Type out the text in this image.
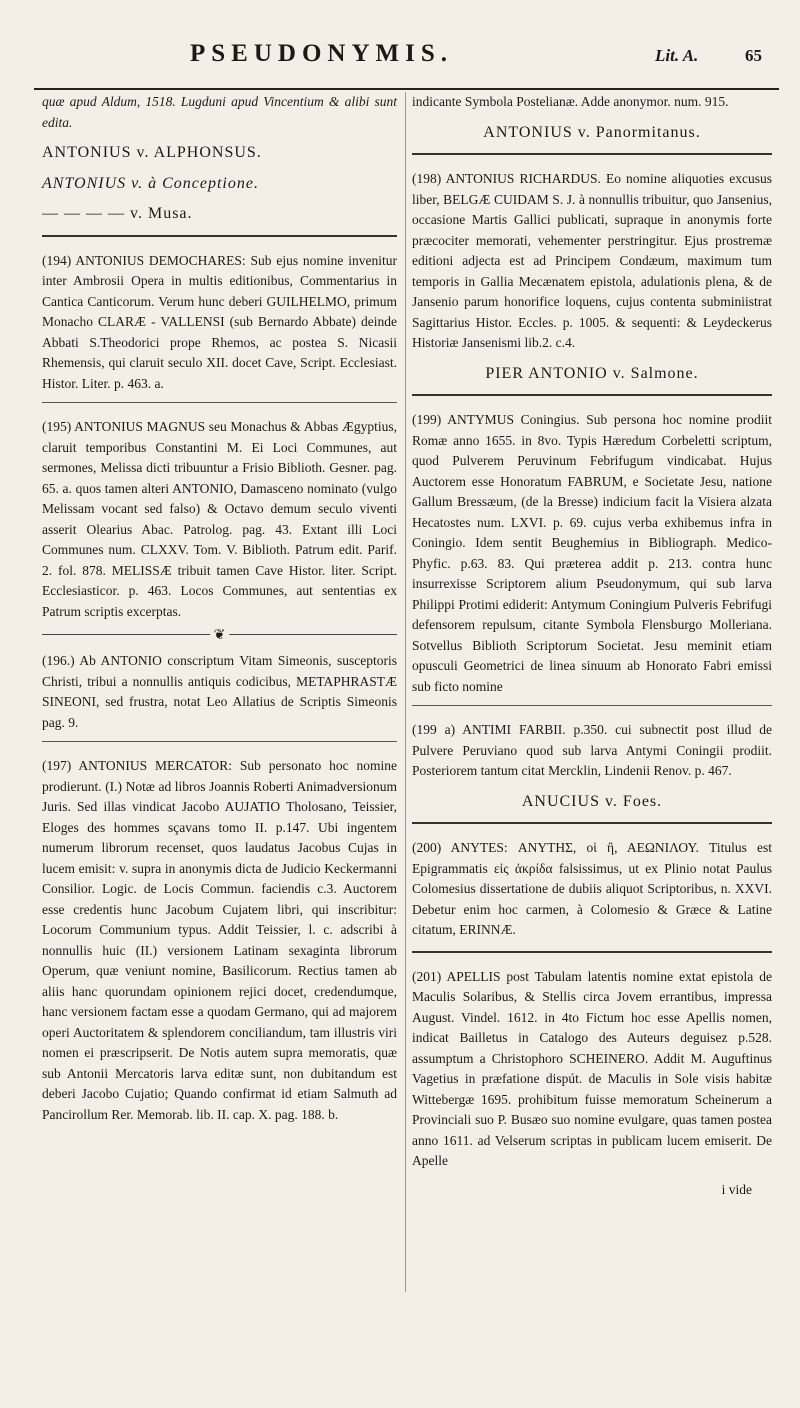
PSEUDONYMIS.	Lit. A.	65

quæ apud Aldum, 1518. Lugduni apud Vincentium & alibi sunt edita.

ANTONIUS v. ALPHONSUS.

ANTONIUS v. à Conceptione.

— — — — v. Musa.

(194) ANTONIUS DEMOCHARES: Sub ejus nomine invenitur inter Ambrosii Opera in multis editionibus, Commentarius in Cantica Canticorum. Verum hunc deberi GUILHELMO, primum Monacho CLARÆ - VALLENSI (sub Bernardo Abbate) deinde Abbati S.Theodorici prope Rhemos, ac postea S. Nicasii Rhemensis, qui claruit seculo XII. docet Cave, Script. Ecclesiast. Histor. Liter. p. 463. a.

(195) ANTONIUS MAGNUS seu Monachus & Abbas Ægyptius, claruit temporibus Constantini M. Ei Loci Communes, aut sermones, Melissa dicti tribuuntur a Frisio Biblioth. Gesner. pag. 65. a. quos tamen alteri ANTONIO, Damasceno nominato (vulgo Melissam vocant sed falso) & Octavo demum seculo viventi asserit Olearius Abac. Patrolog. pag. 43. Extant illi Loci Communes num. CLXXV. Tom. V. Biblioth. Patrum edit. Parif. 2. fol. 878. MELISSÆ tribuit tamen Cave Histor. liter. Script. Ecclesiasticor. p. 463. Locos Communes, aut sententias ex Patrum scriptis excerptas.

❦

(196.) Ab ANTONIO conscriptum Vitam Simeonis, susceptoris Christi, tribui a nonnullis antiquis codicibus, METAPHRASTÆ SINEONI, sed frustra, notat Leo Allatius de Scriptis Simeonis pag. 9.

(197) ANTONIUS MERCATOR: Sub personato hoc nomine prodierunt. (I.) Notæ ad libros Joannis Roberti Animadversionum Juris. Sed illas vindicat Jacobo AUJATIO Tholosano, Teissier, Eloges des hommes sçavans tomo II. p.147. Ubi ingentem numerum librorum recenset, quos laudatus Jacobus Cujas in lucem emisit: v. supra in anonymis dicta de Judicio Keckermanni Consilior. Logic. de Locis Commun. faciendis c.3. Auctorem esse credentis hunc Jacobum Cujatem libri, qui inscribitur: Locorum Communium typus. Addit Teissier, l. c. adscribi à nonnullis huic (II.) versionem Latinam sexaginta librorum Operum, quæ veniunt nomine, Basilicorum. Rectius tamen ab aliis hanc quorundam opinionem rejici docet, credendumque, hanc versionem factam esse a quodam Germano, qui ad majorem operi Auctoritatem & splendorem conciliandum, tam illustris viri nomen ei præscripserit. De Notis autem supra memoratis, quæ sub Antonii Mercatoris larva editæ sunt, non dubitandum est deberi Jacobo Cujatio; Quando confirmat id etiam Salmuth ad Pancirollum Rer. Memorab. lib. II. cap. X. pag. 188. b.

indicante Symbola Postelianæ. Adde anonymor. num. 915.

ANTONIUS v. Panormitanus.

(198) ANTONIUS RICHARDUS. Eo nomine aliquoties excusus liber, BELGÆ CUIDAM S. J. à nonnullis tribuitur, quo Jansenius, occasione Martis Gallici publicati, supraque in anonymis forte præcociter memorati, vehementer perstringitur. Ejus prostremæ editioni adjecta est ad Principem Condæum, maximum tum temporis in Gallia Mecænatem epistola, adulationis plena, & de Jansenio parum honorifice loquens, cujus contenta subminiistrat Sagittarius Histor. Eccles. p. 1005. & sequenti: & Leydeckerus Historiæ Jansenismi lib.2. c.4.

PIER ANTONIO v. Salmone.

(199) ANTYMUS Coningius. Sub persona hoc nomine prodiit Romæ anno 1655. in 8vo. Typis Hæredum Corbeletti scriptum, quod Pulverem Peruvinum Febrifugum vindicabat. Hujus Auctorem esse Honoratum FABRUM, e Societate Jesu, natione Gallum Bressæum, (de la Bresse) indicium facit la Visiera alzata Hecatostes num. LXVI. p. 69. cujus verba exhibemus infra in Coningio. Idem sentit Beughemius in Bibliograph. Medico-Phyfic. p.63. 83. Qui præterea addit p. 213. contra hunc insurrexisse Scriptorem alium Pseudonymum, qui sub larva Philippi Protimi ediderit: Antymum Coningium Pulveris Febrifugi defensorem repulsum, citante Symbola Flensburgo Molleriana. Sotvellus Biblioth Scriptorum Societat. Jesu meminit etiam opusculi Geometrici de linea sinuum ab Honorato Fabri emissi sub ficto nomine

(199 a) ANTIMI FARBII. p.350. cui subnectit post illud de Pulvere Peruviano quod sub larva Antymi Coningii prodiit. Posteriorem tantum citat Mercklin, Lindenii Renov. p. 467.

ANUCIUS v. Foes.

(200) ANYTES: ΑΝΥΤΗΣ, οἱ ἢ, ΑΕΩΝΙΛΟΥ. Titulus est Epigrammatis εἰς ἀκρίδα falsissimus, ut ex Plinio notat Paulus Colomesius dissertatione de dubiis aliquot Scriptoribus, n. XXVI. Debetur enim hoc carmen, à Colomesio & Græce & Latine citatum, ERINNÆ.

(201) APELLIS post Tabulam latentis nomine extat epistola de Maculis Solaribus, & Stellis circa Jovem errantibus, impressa August. Vindel. 1612. in 4to Fictum hoc esse Apellis nomen, indicat Bailletus in Catalogo des Auteurs deguisez p.528. assumptum a Christophoro SCHEINERO. Addit M. Auguftinus Vagetius in præfatione dispút. de Maculis in Sole visis habitæ Wittebergæ 1695. prohibitum fuisse memoratum Scheinerum a Provinciali suo P. Busæo suo nomine evulgare, quas tamen postea anno 1611. ad Velserum scriptas in publicam lucem emiserit. De Apelle

i vide
